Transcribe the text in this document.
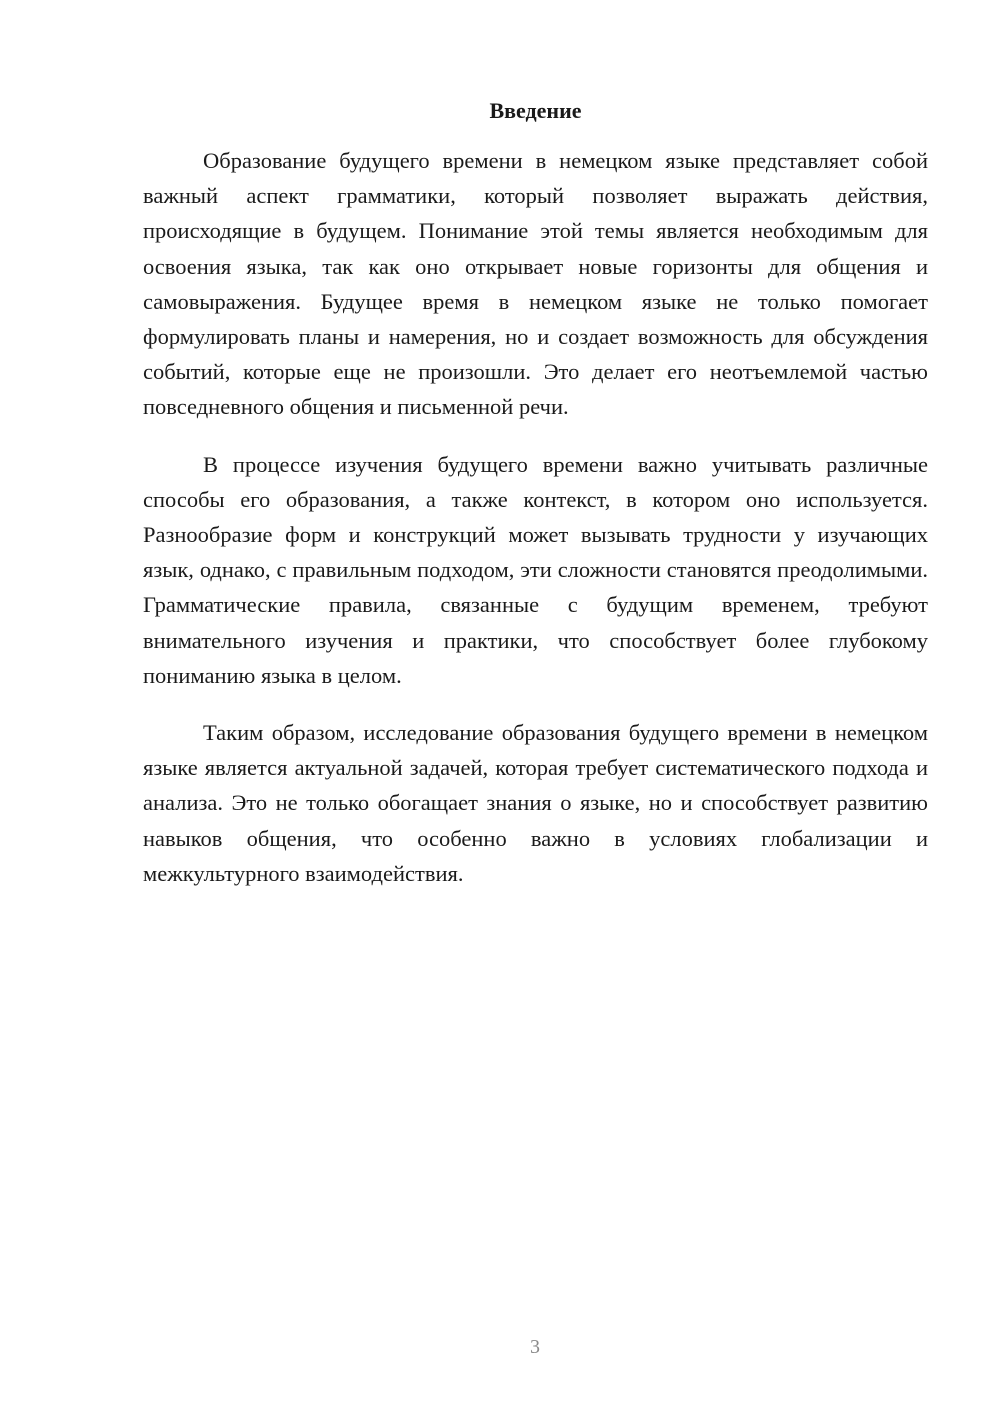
Введение

Образование будущего времени в немецком языке представляет собой важный аспект грамматики, который позволяет выражать действия, происходящие в будущем. Понимание этой темы является необходимым для освоения языка, так как оно открывает новые горизонты для общения и самовыражения. Будущее время в немецком языке не только помогает формулировать планы и намерения, но и создает возможность для обсуждения событий, которые еще не произошли. Это делает его неотъемлемой частью повседневного общения и письменной речи.

В процессе изучения будущего времени важно учитывать различные способы его образования, а также контекст, в котором оно используется. Разнообразие форм и конструкций может вызывать трудности у изучающих язык, однако, с правильным подходом, эти сложности становятся преодолимыми. Грамматические правила, связанные с будущим временем, требуют внимательного изучения и практики, что способствует более глубокому пониманию языка в целом.

Таким образом, исследование образования будущего времени в немецком языке является актуальной задачей, которая требует систематического подхода и анализа. Это не только обогащает знания о языке, но и способствует развитию навыков общения, что особенно важно в условиях глобализации и межкультурного взаимодействия.

3
